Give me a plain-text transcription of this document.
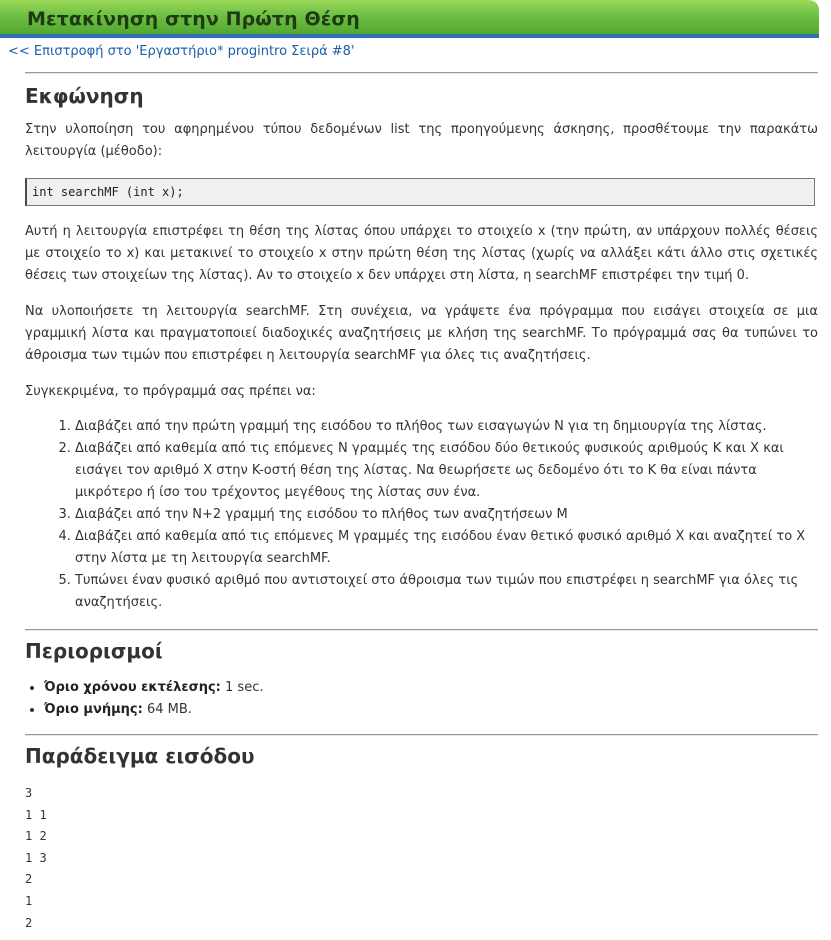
Μετακίνηση στην Πρώτη Θέση
<< Επιστροφή στο 'Εργαστήριο* progintro Σειρά #8'
Εκφώνηση

Στην υλοποίηση του αφηρημένου τύπου δεδομένων list της προηγούμενης άσκησης, προσθέτουμε την παρακάτω λειτουργία (μέθοδο):

int searchMF (int x);

Αυτή η λειτουργία επιστρέφει τη θέση της λίστας όπου υπάρχει το στοιχείο x (την πρώτη, αν υπάρχουν πολλές θέσεις με στοιχείο το x) και μετακινεί το στοιχείο x στην πρώτη θέση της λίστας (χωρίς να αλλάξει κάτι άλλο στις σχετικές θέσεις των στοιχείων της λίστας). Αν το στοιχείο x δεν υπάρχει στη λίστα, η searchMF επιστρέφει την τιμή 0.

Να υλοποιήσετε τη λειτουργία searchMF. Στη συνέχεια, να γράψετε ένα πρόγραμμα που εισάγει στοιχεία σε μια γραμμική λίστα και πραγματοποιεί διαδοχικές αναζητήσεις με κλήση της searchMF. Το πρόγραμμά σας θα τυπώνει το άθροισμα των τιμών που επιστρέφει η λειτουργία searchMF για όλες τις αναζητήσεις.

Συγκεκριμένα, το πρόγραμμά σας πρέπει να:

1. Διαβάζει από την πρώτη γραμμή της εισόδου το πλήθος των εισαγωγών N για τη δημιουργία της λίστας.
2. Διαβάζει από καθεμία από τις επόμενες N γραμμές της εισόδου δύο θετικούς φυσικούς αριθμούς K και X και εισάγει τον αριθμό X στην K-οστή θέση της λίστας. Να θεωρήσετε ως δεδομένο ότι το K θα είναι πάντα μικρότερο ή ίσο του τρέχοντος μεγέθους της λίστας συν ένα.
3. Διαβάζει από την N+2 γραμμή της εισόδου το πλήθος των αναζητήσεων M
4. Διαβάζει από καθεμία από τις επόμενες M γραμμές της εισόδου έναν θετικό φυσικό αριθμό X και αναζητεί το X στην λίστα με τη λειτουργία searchMF.
5. Τυπώνει έναν φυσικό αριθμό που αντιστοιχεί στο άθροισμα των τιμών που επιστρέφει η searchMF για όλες τις αναζητήσεις.
Περιορισμοί
• Όριο χρόνου εκτέλεσης: 1 sec.
• Όριο μνήμης: 64 MB.
Παράδειγμα εισόδου
3
1 1
1 2
1 3
2
1
2
